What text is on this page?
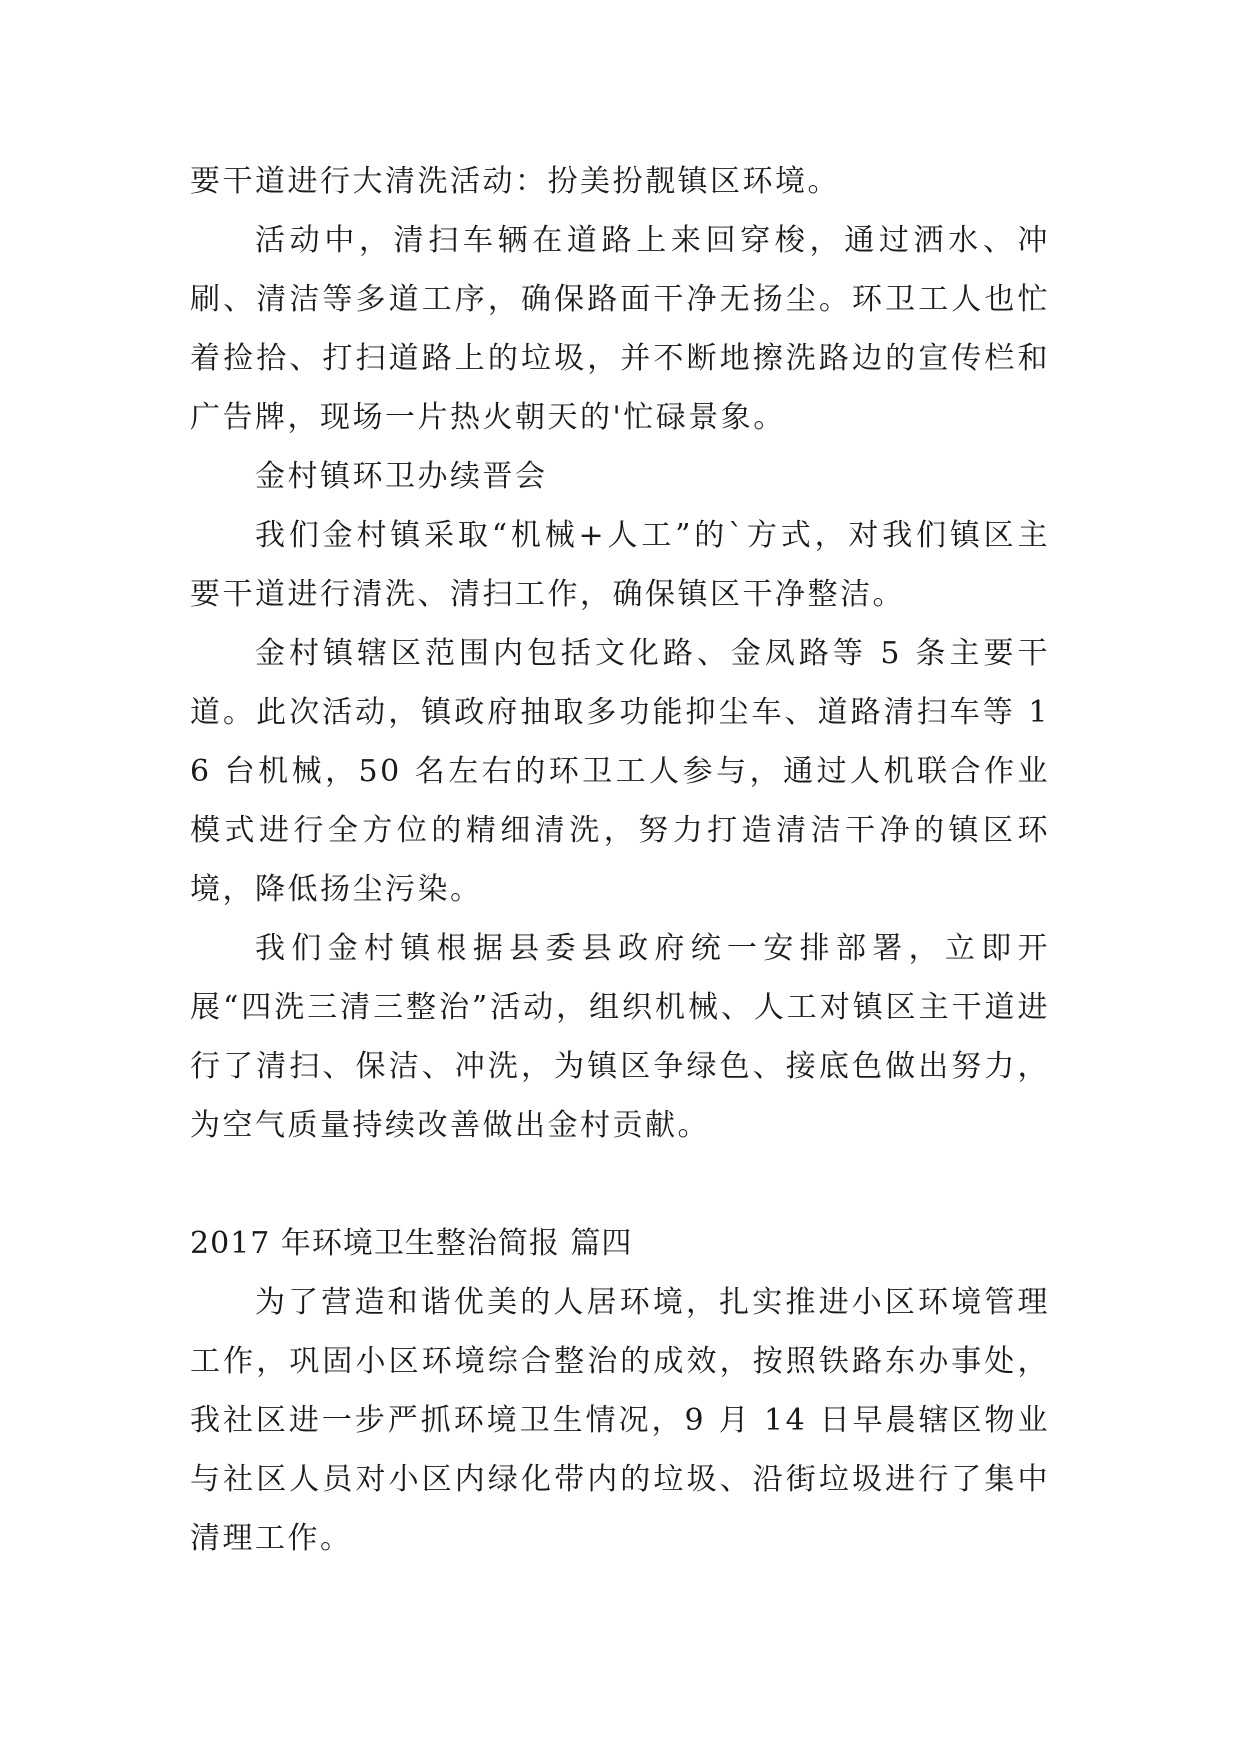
要干道进行大清洗活动：扮美扮靓镇区环境。

活动中，清扫车辆在道路上来回穿梭，通过洒水、冲刷、清洁等多道工序，确保路面干净无扬尘。环卫工人也忙着捡拾、打扫道路上的垃圾，并不断地擦洗路边的宣传栏和广告牌，现场一片热火朝天的'忙碌景象。

金村镇环卫办续晋会

我们金村镇采取“机械+人工”的`方式，对我们镇区主要干道进行清洗、清扫工作，确保镇区干净整洁。

金村镇辖区范围内包括文化路、金凤路等 5 条主要干道。此次活动，镇政府抽取多功能抑尘车、道路清扫车等 16 台机械，50 名左右的环卫工人参与，通过人机联合作业模式进行全方位的精细清洗，努力打造清洁干净的镇区环境，降低扬尘污染。

我们金村镇根据县委县政府统一安排部署，立即开展“四洗三清三整治”活动，组织机械、人工对镇区主干道进行了清扫、保洁、冲洗，为镇区争绿色、接底色做出努力，为空气质量持续改善做出金村贡献。

2017 年环境卫生整治简报 篇四

为了营造和谐优美的人居环境，扎实推进小区环境管理工作，巩固小区环境综合整治的成效，按照铁路东办事处，我社区进一步严抓环境卫生情况，9 月 14 日早晨辖区物业与社区人员对小区内绿化带内的垃圾、沿街垃圾进行了集中清理工作。
